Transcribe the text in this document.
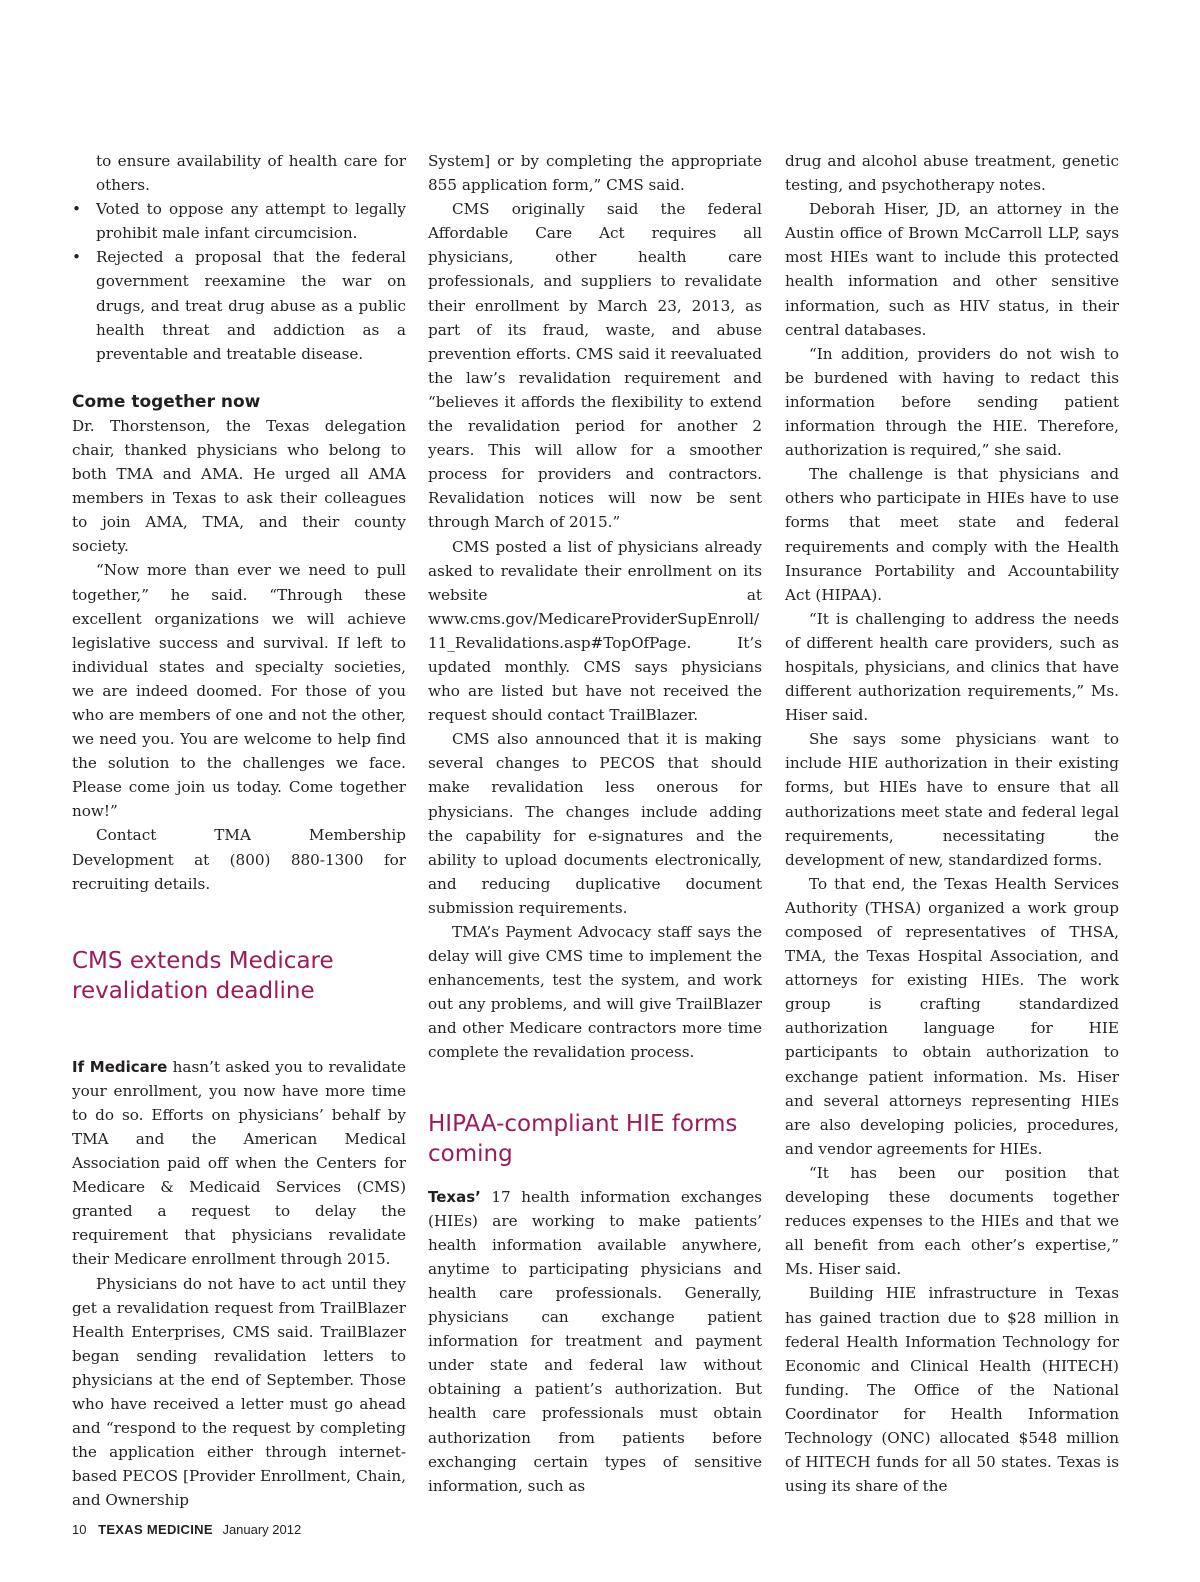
to ensure availability of health care for others.
• Voted to oppose any attempt to legally prohibit male infant circumcision.
• Rejected a proposal that the federal government reexamine the war on drugs, and treat drug abuse as a public health threat and addiction as a preventable and treatable disease.
Come together now

Dr. Thorstenson, the Texas delegation chair, thanked physicians who belong to both TMA and AMA. He urged all AMA members in Texas to ask their colleagues to join AMA, TMA, and their county society.

“Now more than ever we need to pull together,” he said. “Through these excellent organizations we will achieve legislative success and survival. If left to individual states and specialty societies, we are indeed doomed. For those of you who are members of one and not the other, we need you. You are welcome to help find the solution to the challenges we face. Please come join us today. Come together now!”

Contact TMA Membership Development at (800) 880-1300 for recruiting details.

CMS extends Medicare revalidation deadline

If Medicare hasn’t asked you to revalidate your enrollment, you now have more time to do so. Efforts on physicians’ behalf by TMA and the American Medical Association paid off when the Centers for Medicare & Medicaid Services (CMS) granted a request to delay the requirement that physicians revalidate their Medicare enrollment through 2015.

Physicians do not have to act until they get a revalidation request from TrailBlazer Health Enterprises, CMS said. TrailBlazer began sending revalidation letters to physicians at the end of September. Those who have received a letter must go ahead and “respond to the request by completing the application either through internet-based PECOS [Provider Enrollment, Chain, and Ownership

System] or by completing the appropriate 855 application form,” CMS said.

CMS originally said the federal Affordable Care Act requires all physicians, other health care professionals, and suppliers to revalidate their enrollment by March 23, 2013, as part of its fraud, waste, and abuse prevention efforts. CMS said it reevaluated the law’s revalidation requirement and “believes it affords the flexibility to extend the revalidation period for another 2 years. This will allow for a smoother process for providers and contractors. Revalidation notices will now be sent through March of 2015.”

CMS posted a list of physicians already asked to revalidate their enrollment on its website at www.cms.gov/MedicareProviderSupEnroll/11_Revalidations.asp#TopOfPage. It’s updated monthly. CMS says physicians who are listed but have not received the request should contact TrailBlazer.

CMS also announced that it is making several changes to PECOS that should make revalidation less onerous for physicians. The changes include adding the capability for e-signatures and the ability to upload documents electronically, and reducing duplicative document submission requirements.

TMA’s Payment Advocacy staff says the delay will give CMS time to implement the enhancements, test the system, and work out any problems, and will give TrailBlazer and other Medicare contractors more time complete the revalidation process.

HIPAA-compliant HIE forms coming

Texas’ 17 health information exchanges (HIEs) are working to make patients’ health information available anywhere, anytime to participating physicians and health care professionals. Generally, physicians can exchange patient information for treatment and payment under state and federal law without obtaining a patient’s authorization. But health care professionals must obtain authorization from patients before exchanging certain types of sensitive information, such as

drug and alcohol abuse treatment, genetic testing, and psychotherapy notes.

Deborah Hiser, JD, an attorney in the Austin office of Brown McCarroll LLP, says most HIEs want to include this protected health information and other sensitive information, such as HIV status, in their central databases.

“In addition, providers do not wish to be burdened with having to redact this information before sending patient information through the HIE. Therefore, authorization is required,” she said.

The challenge is that physicians and others who participate in HIEs have to use forms that meet state and federal requirements and comply with the Health Insurance Portability and Accountability Act (HIPAA).

“It is challenging to address the needs of different health care providers, such as hospitals, physicians, and clinics that have different authorization requirements,” Ms. Hiser said.

She says some physicians want to include HIE authorization in their existing forms, but HIEs have to ensure that all authorizations meet state and federal legal requirements, necessitating the development of new, standardized forms.

To that end, the Texas Health Services Authority (THSA) organized a work group composed of representatives of THSA, TMA, the Texas Hospital Association, and attorneys for existing HIEs. The work group is crafting standardized authorization language for HIE participants to obtain authorization to exchange patient information. Ms. Hiser and several attorneys representing HIEs are also developing policies, procedures, and vendor agreements for HIEs.

“It has been our position that developing these documents together reduces expenses to the HIEs and that we all benefit from each other’s expertise,” Ms. Hiser said.

Building HIE infrastructure in Texas has gained traction due to $28 million in federal Health Information Technology for Economic and Clinical Health (HITECH) funding. The Office of the National Coordinator for Health Information Technology (ONC) allocated $548 million of HITECH funds for all 50 states. Texas is using its share of the

10 TEXAS MEDICINE January 2012
